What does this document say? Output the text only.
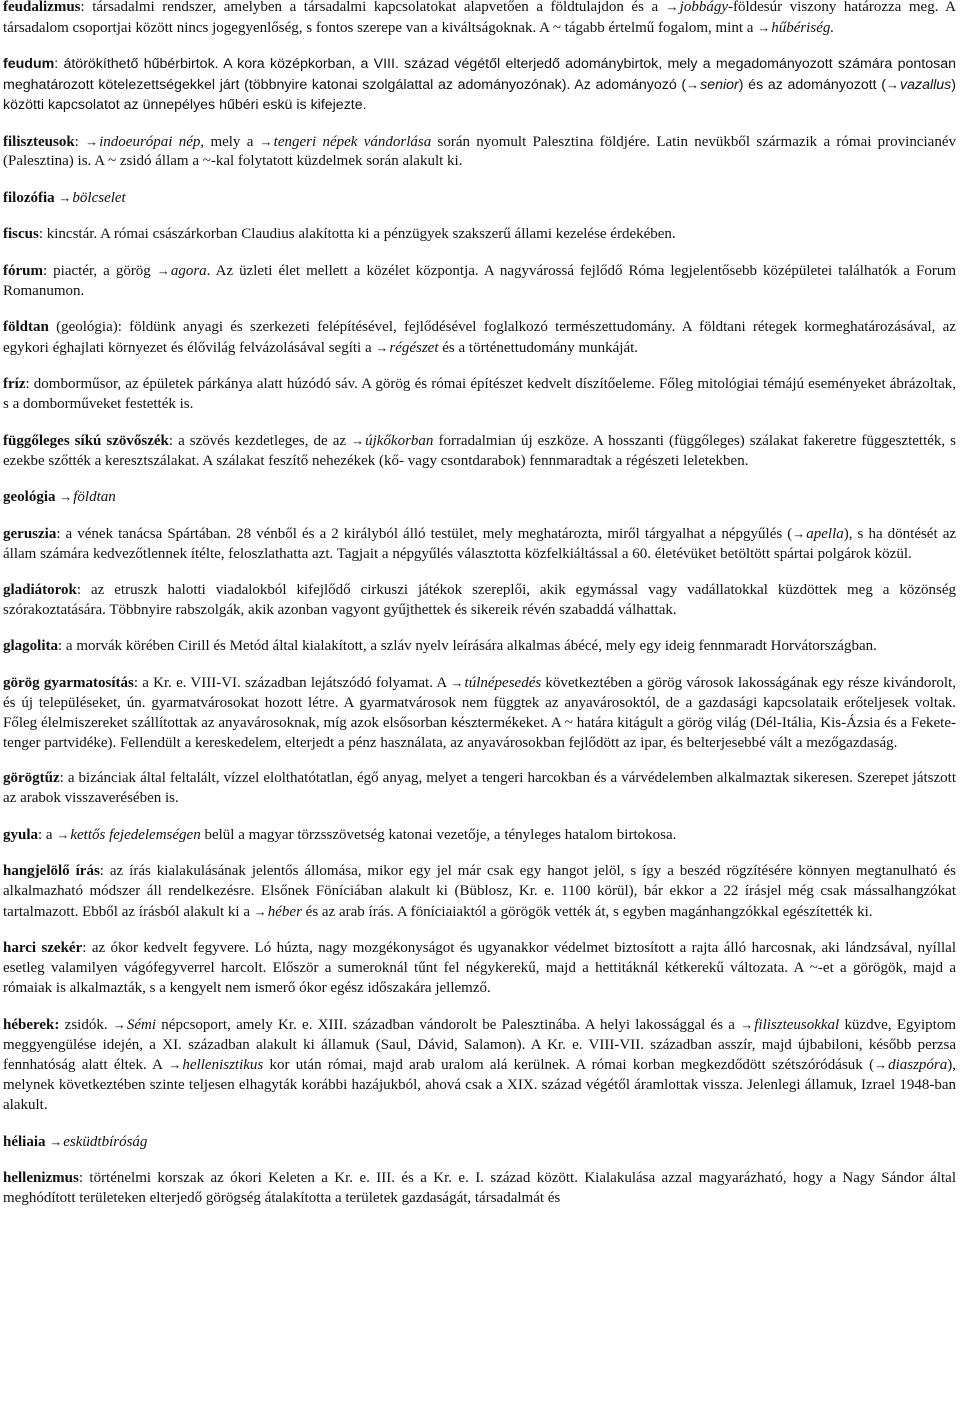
feudalizmus: társadalmi rendszer, amelyben a társadalmi kapcsolatokat alapvetően a földtulajdon és a →jobbágy-földesúr viszony határozza meg. A társadalom csoportjai között nincs jogegyenlőség, s fontos szerepe van a kiváltságoknak. A ~ tágabb értelmű fogalom, mint a →hűbériség.

feudum: átörökíthető hűbérbirtok. A kora középkorban, a VIII. század végétől elterjedő adománybirtok, mely a megadományozott számára pontosan meghatározott kötelezettségekkel járt (többnyire katonai szolgálattal az adományozónak). Az adományozó (→senior) és az adományozott (→vazallus) közötti kapcsolatot az ünnepélyes hűbéri eskü is kifejezte.

filiszteusok: →indoeurópai nép, mely a →tengeri népek vándorlása során nyomult Palesztina földjére. Latin nevükből származik a római provincianév (Palesztina) is. A ~ zsidó állam a ~-kal folytatott küzdelmek során alakult ki.

filozófia →bölcselet

fiscus: kincstár. A római császárkorban Claudius alakította ki a pénzügyek szakszerű állami kezelése érdekében.

fórum: piactér, a görög →agora. Az üzleti élet mellett a közélet központja. A nagyvárossá fejlődő Róma legjelentősebb középületei találhatók a Forum Romanumon.

földtan (geológia): földünk anyagi és szerkezeti felépítésével, fejlődésével foglalkozó természettudomány. A földtani rétegek kormeghatározásával, az egykori éghajlati környezet és élővilág felvázolásával segíti a →régészet és a történettudomány munkáját.

fríz: domborműsor, az épületek párkánya alatt húzódó sáv. A görög és római építészet kedvelt díszítőeleme. Főleg mitológiai témájú eseményeket ábrázoltak, s a domborműveket festették is.

függőleges síkú szövőszék: a szövés kezdetleges, de az →újkőkorban forradalmian új eszköze. A hosszanti (függőleges) szálakat fakeretre függesztették, s ezekbe szőtték a keresztszálakat. A szálakat feszítő nehezékek (kő- vagy csontdarabok) fennmaradtak a régészeti leletekben.

geológia →földtan

geruszia: a vének tanácsa Spártában. 28 vénből és a 2 királyból álló testület, mely meghatározta, miről tárgyalhat a népgyűlés (→apella), s ha döntését az állam számára kedvezőtlennek ítélte, feloszlathatta azt. Tagjait a népgyűlés választotta közfelkiáltással a 60. életévüket betöltött spártai polgárok közül.

gladiátorok: az etruszk halotti viadalokból kifejlődő cirkuszi játékok szereplői, akik egymással vagy vadállatokkal küzdöttek meg a közönség szórakoztatására. Többnyire rabszolgák, akik azonban vagyont gyűjthettek és sikereik révén szabaddá válhattak.

glagolita: a morvák körében Cirill és Metód által kialakított, a szláv nyelv leírására alkalmas ábécé, mely egy ideig fennmaradt Horvátországban.

görög gyarmatosítás: a Kr. e. VIII-VI. században lejátszódó folyamat. A →túlnépesedés következtében a görög városok lakosságának egy része kivándorolt, és új településeket, ún. gyarmatvárosokat hozott létre. A gyarmatvárosok nem függtek az anyavárosoktól, de a gazdasági kapcsolataik erőteljesek voltak. Főleg élelmiszereket szállítottak az anyavárosoknak, míg azok elsősorban késztermékeket. A ~ határa kitágult a görög világ (Dél-Itália, Kis-Ázsia és a Fekete-tenger partvidéke). Fellendült a kereskedelem, elterjedt a pénz használata, az anyavárosokban fejlődött az ipar, és belterjesebbé vált a mezőgazdaság.

görögtűz: a bizánciak által feltalált, vízzel elolthatótatlan, égő anyag, melyet a tengeri harcokban és a várvédelemben alkalmaztak sikeresen. Szerepet játszott az arabok visszaverésében is.

gyula: a →kettős fejedelemségen belül a magyar törzsszövetség katonai vezetője, a tényleges hatalom birtokosa.

hangjelölő írás: az írás kialakulásának jelentős állomása, mikor egy jel már csak egy hangot jelöl, s így a beszéd rögzítésére könnyen megtanulható és alkalmazható módszer áll rendelkezésre. Elsőnek Föníciában alakult ki (Büblosz, Kr. e. 1100 körül), bár ekkor a 22 írásjel még csak mássalhangzókat tartalmazott. Ebből az írásból alakult ki a →héber és az arab írás. A föníciaiaktól a görögök vették át, s egyben magánhangzókkal egészítették ki.

harci szekér: az ókor kedvelt fegyvere. Ló húzta, nagy mozgékonyságot és ugyanakkor védelmet biztosított a rajta álló harcosnak, aki lándzsával, nyíllal esetleg valamilyen vágófegyverrel harcolt. Először a sumeroknál tűnt fel négykerekű, majd a hettitáknál kétkerekű változata. A ~-et a görögök, majd a rómaiak is alkalmazták, s a kengyelt nem ismerő ókor egész időszakára jellemző.

héberek: zsidók. →Sémi népcsoport, amely Kr. e. XIII. században vándorolt be Palesztinába. A helyi lakossággal és a →filiszteusokkal küzdve, Egyiptom meggyengülése idején, a XI. században alakult ki államuk (Saul, Dávid, Salamon). A Kr. e. VIII-VII. században asszír, majd újbabiloni, később perzsa fennhatóság alatt éltek. A →hellenisztikus kor után római, majd arab uralom alá kerülnek. A római korban megkezdődött szétszóródásuk (→diaszpóra), melynek következtében szinte teljesen elhagyták korábbi hazájukból, ahová csak a XIX. század végétől áramlottak vissza. Jelenlegi államuk, Izrael 1948-ban alakult.

héliaia →esküdtbíróság

hellenizmus: történelmi korszak az ókori Keleten a Kr. e. III. és a Kr. e. I. század között. Kialakulása azzal magyarázható, hogy a Nagy Sándor által meghódított területeken elterjedő görögség átalakította a területek gazdaságát, társadalmát és
